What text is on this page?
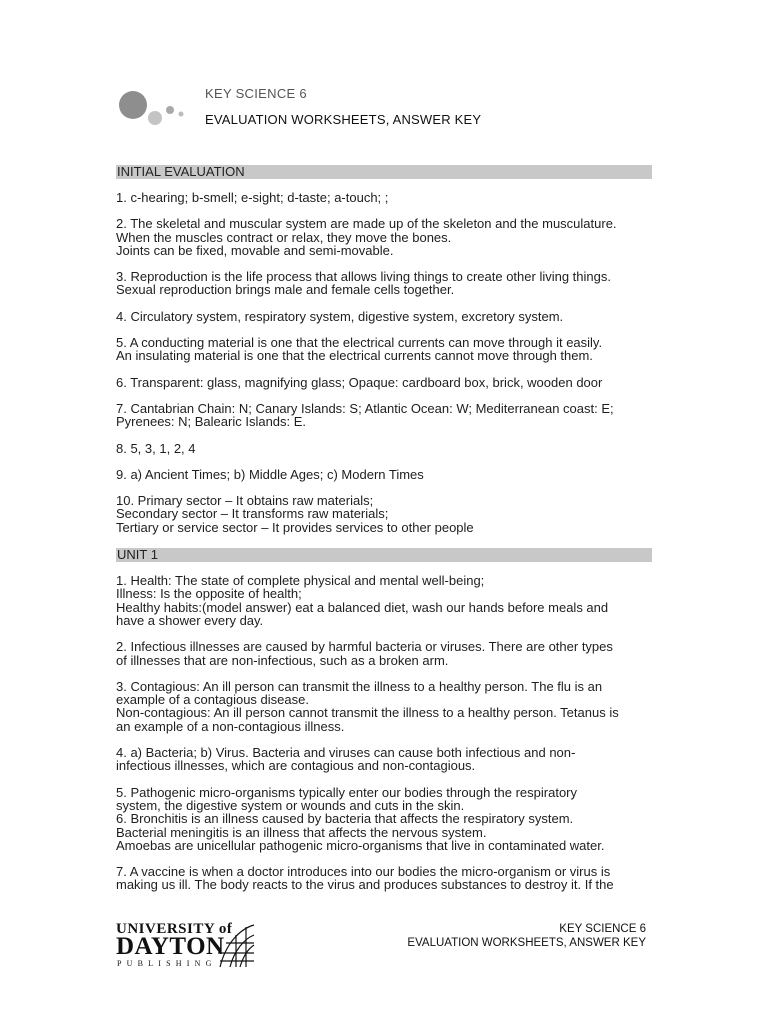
KEY SCIENCE 6
EVALUATION WORKSHEETS, ANSWER KEY
INITIAL EVALUATION
1. c-hearing; b-smell; e-sight; d-taste; a-touch; ;
2. The skeletal and muscular system are made up of the skeleton and the musculature.
When the muscles contract or relax, they move the bones.
Joints can be fixed, movable and semi-movable.
3. Reproduction is the life process that allows living things to create other living things.
Sexual reproduction brings male and female cells together.
4. Circulatory system, respiratory system, digestive system, excretory system.
5. A conducting material is one that the electrical currents can move through it easily.
An insulating material is one that the electrical currents cannot move through them.
6. Transparent: glass, magnifying glass; Opaque: cardboard box, brick, wooden door
7. Cantabrian Chain: N; Canary Islands: S; Atlantic Ocean: W; Mediterranean coast: E;
Pyrenees: N; Balearic Islands: E.
8. 5, 3, 1, 2, 4
9. a) Ancient Times; b) Middle Ages; c) Modern Times
10. Primary sector – It obtains raw materials;
Secondary sector – It transforms raw materials;
Tertiary or service sector – It provides services to other people
UNIT 1
1. Health: The state of complete physical and mental well-being;
Illness: Is the opposite of health;
Healthy habits:(model answer) eat a balanced diet, wash our hands before meals and
have a shower every day.
2. Infectious illnesses are caused by harmful bacteria or viruses. There are other types
of illnesses that are non-infectious, such as a broken arm.
3. Contagious: An ill person can transmit the illness to a healthy person. The flu is an
example of a contagious disease.
Non-contagious: An ill person cannot transmit the illness to a healthy person. Tetanus is
an example of a non-contagious illness.
4. a) Bacteria; b) Virus. Bacteria and viruses can cause both infectious and non-
infectious illnesses, which are contagious and non-contagious.
5. Pathogenic micro-organisms typically enter our bodies through the respiratory
system, the digestive system or wounds and cuts in the skin.
6. Bronchitis is an illness caused by bacteria that affects the respiratory system.
Bacterial meningitis is an illness that affects the nervous system.
Amoebas are unicellular pathogenic micro-organisms that live in contaminated water.
7. A vaccine is when a doctor introduces into our bodies the micro-organism or virus is
making us ill. The body reacts to the virus and produces substances to destroy it. If the
UNIVERSITY of
DAYTON
PUBLISHING
KEY SCIENCE 6
EVALUATION WORKSHEETS, ANSWER KEY
